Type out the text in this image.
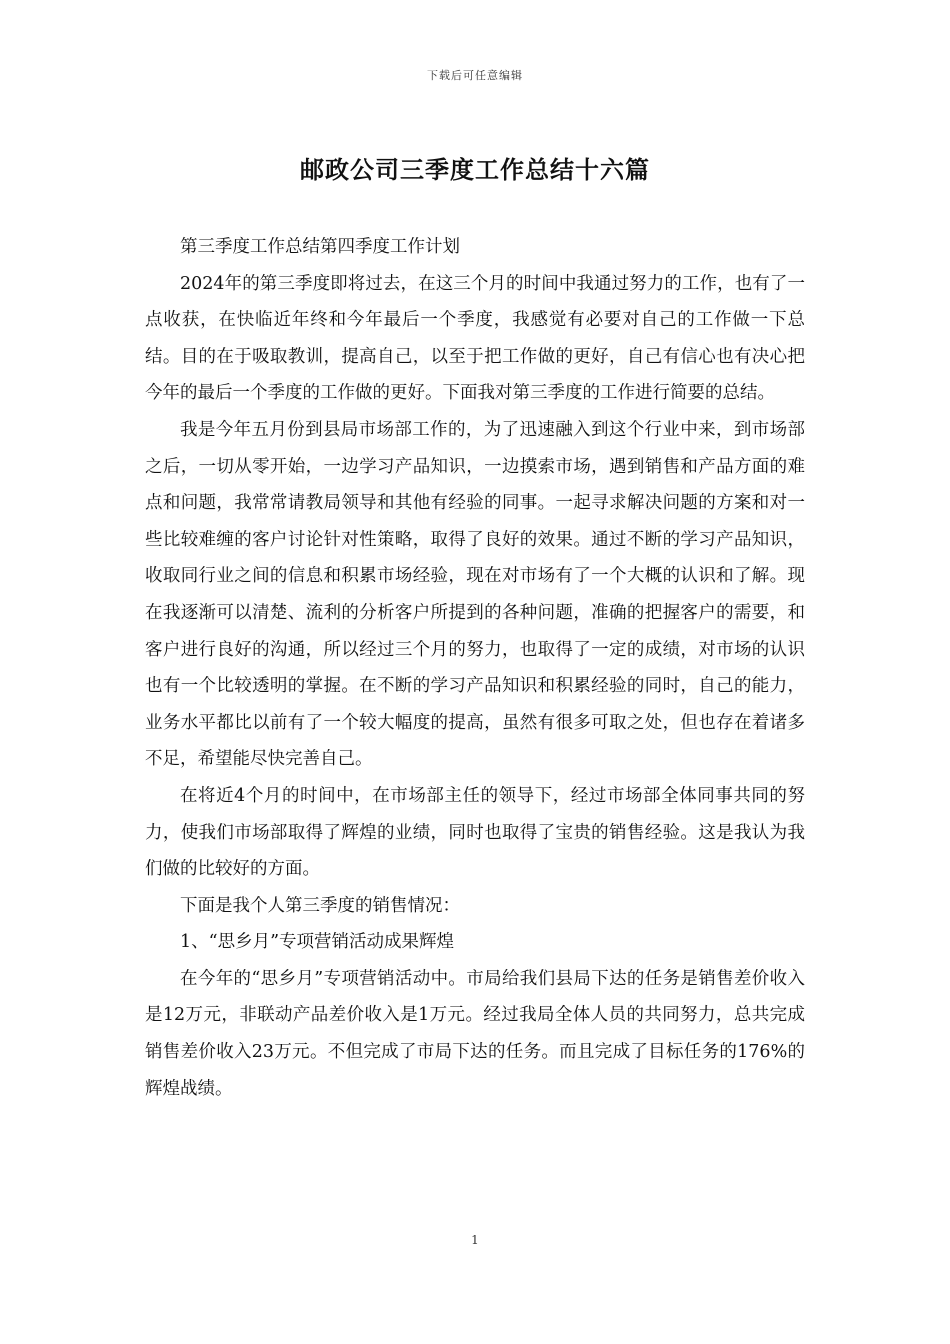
下载后可任意编辑
邮政公司三季度工作总结十六篇

第三季度工作总结第四季度工作计划

2024年的第三季度即将过去，在这三个月的时间中我通过努力的工作，也有了一点收获，在快临近年终和今年最后一个季度，我感觉有必要对自己的工作做一下总结。目的在于吸取教训，提高自己，以至于把工作做的更好，自己有信心也有决心把今年的最后一个季度的工作做的更好。下面我对第三季度的工作进行简要的总结。

我是今年五月份到县局市场部工作的，为了迅速融入到这个行业中来，到市场部之后，一切从零开始，一边学习产品知识，一边摸索市场，遇到销售和产品方面的难点和问题，我常常请教局领导和其他有经验的同事。一起寻求解决问题的方案和对一些比较难缠的客户讨论针对性策略，取得了良好的效果。通过不断的学习产品知识，收取同行业之间的信息和积累市场经验，现在对市场有了一个大概的认识和了解。现在我逐渐可以清楚、流利的分析客户所提到的各种问题，准确的把握客户的需要，和客户进行良好的沟通，所以经过三个月的努力，也取得了一定的成绩，对市场的认识也有一个比较透明的掌握。在不断的学习产品知识和积累经验的同时，自己的能力，业务水平都比以前有了一个较大幅度的提高，虽然有很多可取之处，但也存在着诸多不足，希望能尽快完善自己。

在将近4个月的时间中，在市场部主任的领导下，经过市场部全体同事共同的努力，使我们市场部取得了辉煌的业绩，同时也取得了宝贵的销售经验。这是我认为我们做的比较好的方面。

下面是我个人第三季度的销售情况：

1、“思乡月”专项营销活动成果辉煌

在今年的“思乡月”专项营销活动中。市局给我们县局下达的任务是销售差价收入是12万元，非联动产品差价收入是1万元。经过我局全体人员的共同努力，总共完成销售差价收入23万元。不但完成了市局下达的任务。而且完成了目标任务的176%的辉煌战绩。

1
